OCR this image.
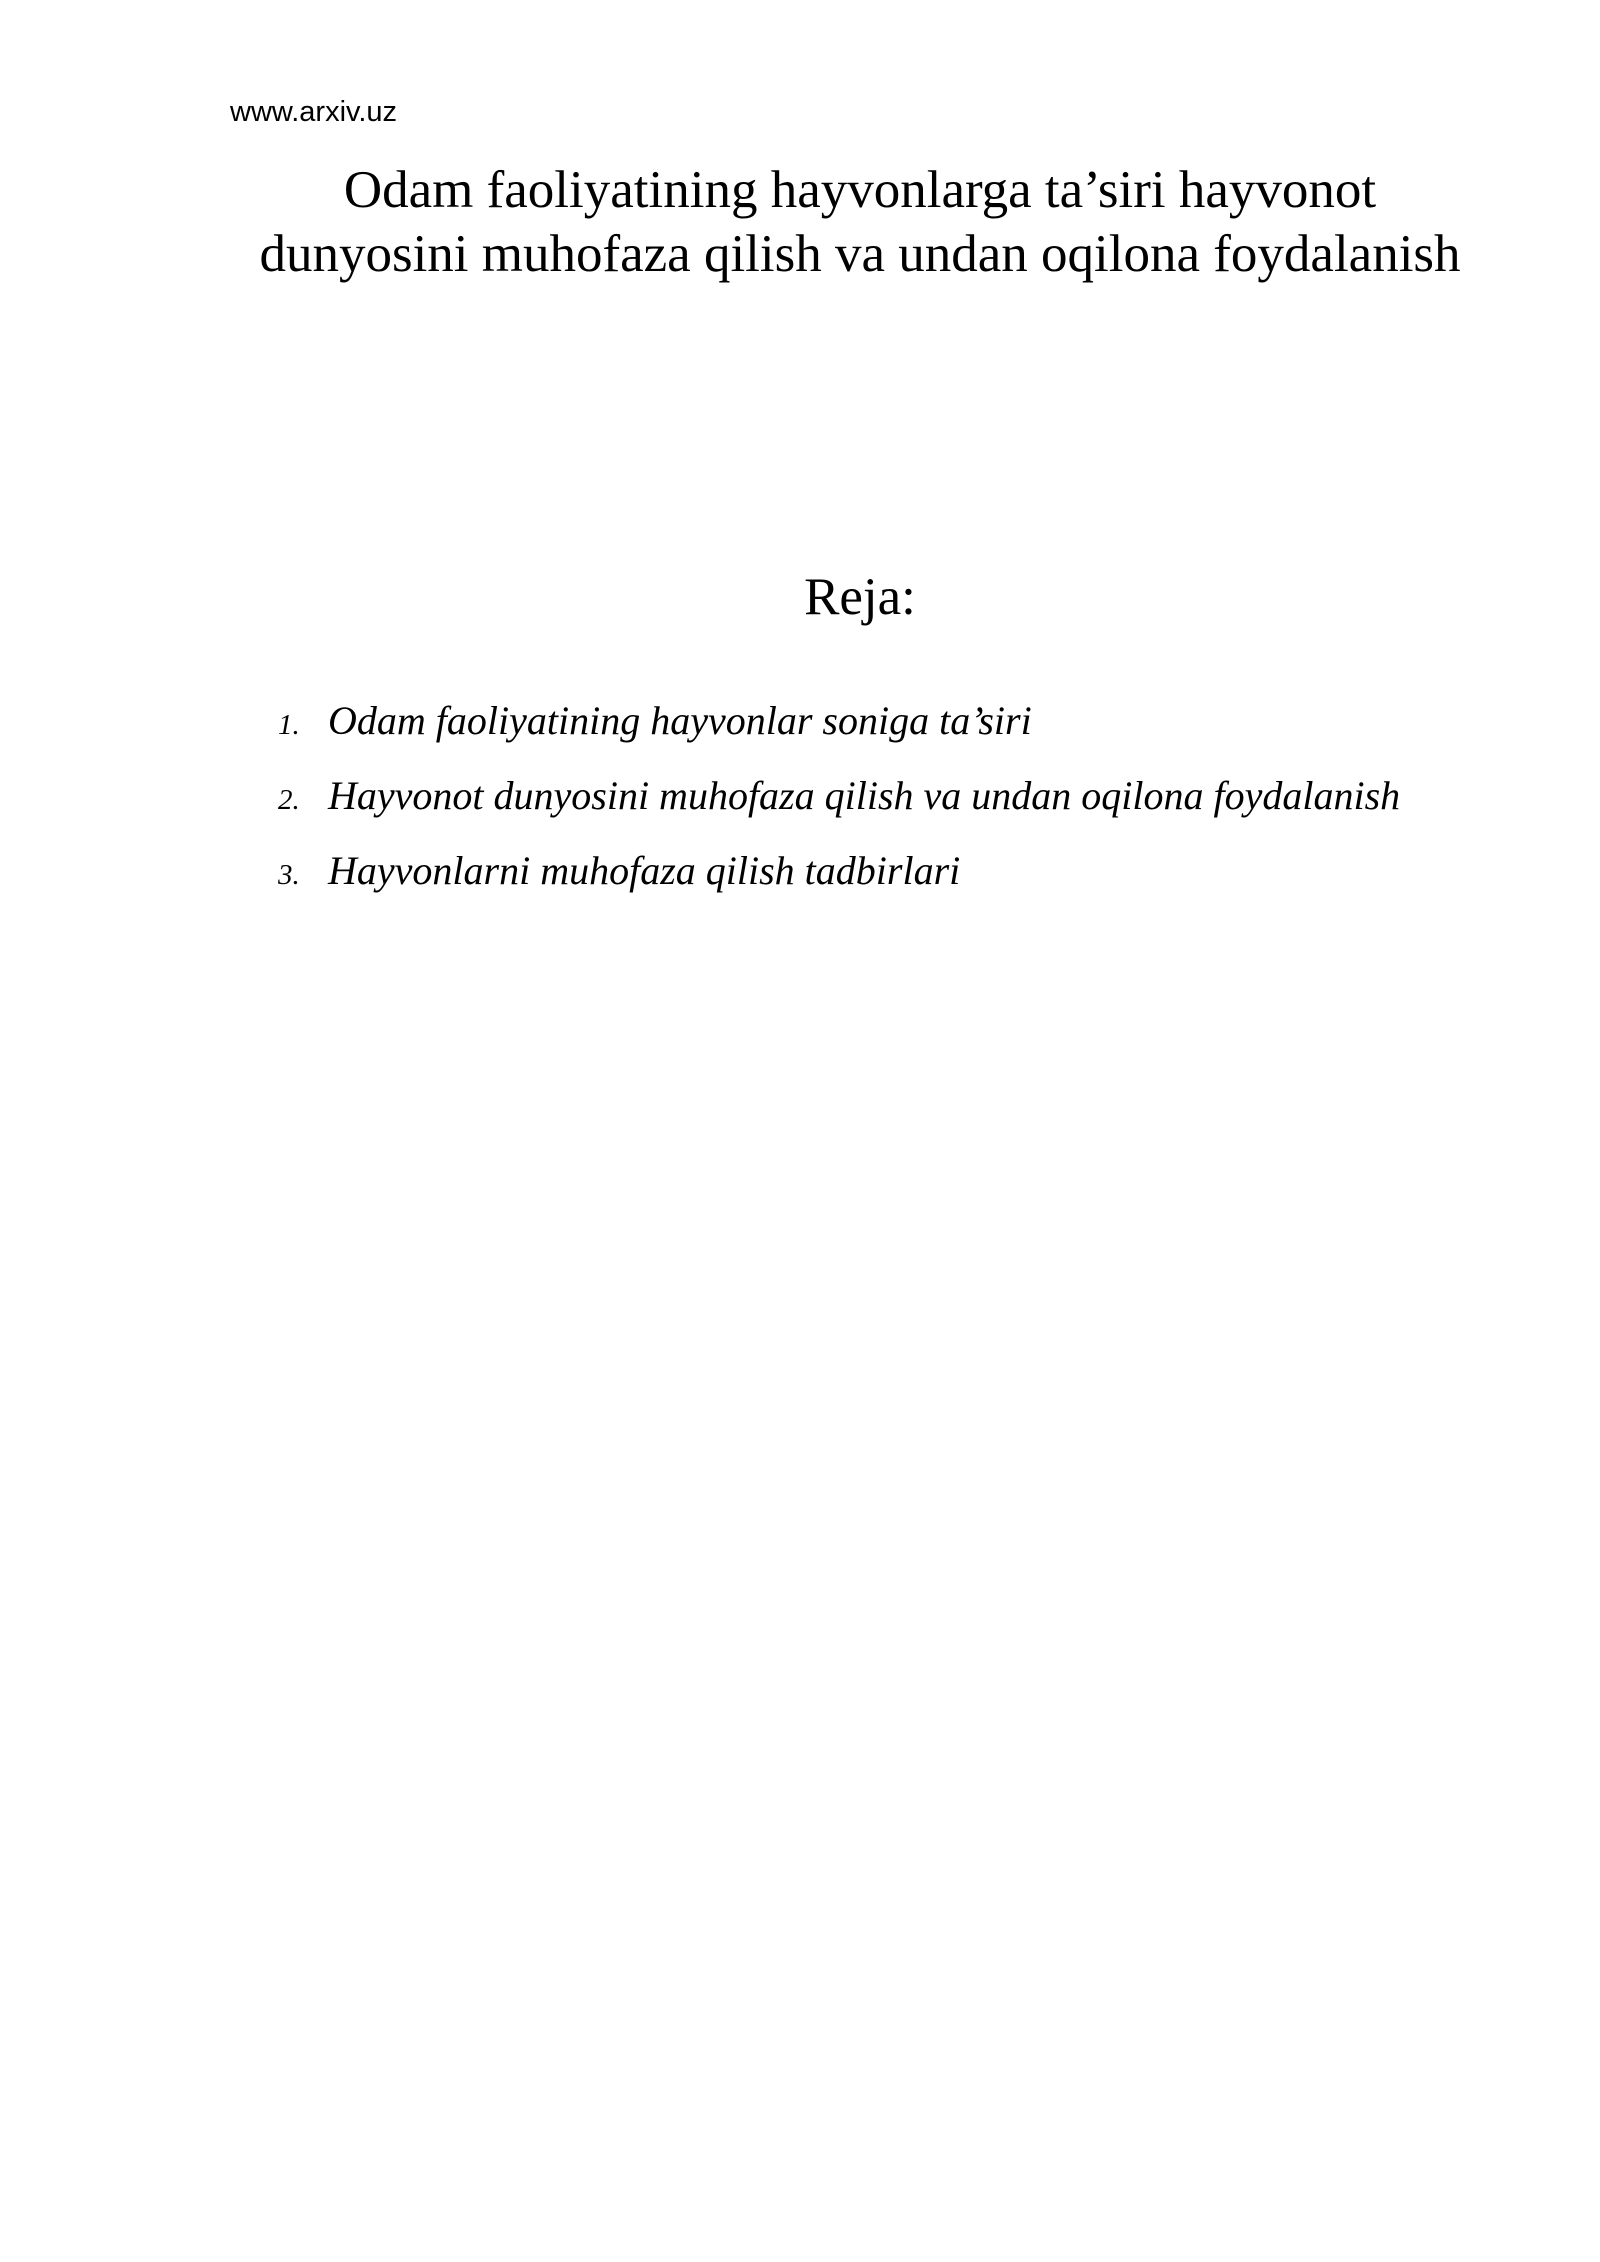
www.arxiv.uz
Odam faoliyatining hayvonlarga ta’siri hayvonot dunyosini muhofaza qilish va undan oqilona foydalanish
Reja:
1. Odam faoliyatining hayvonlar soniga ta’siri
2. Hayvonot dunyosini muhofaza qilish va undan oqilona foydalanish
3. Hayvonlarni muhofaza qilish tadbirlari
